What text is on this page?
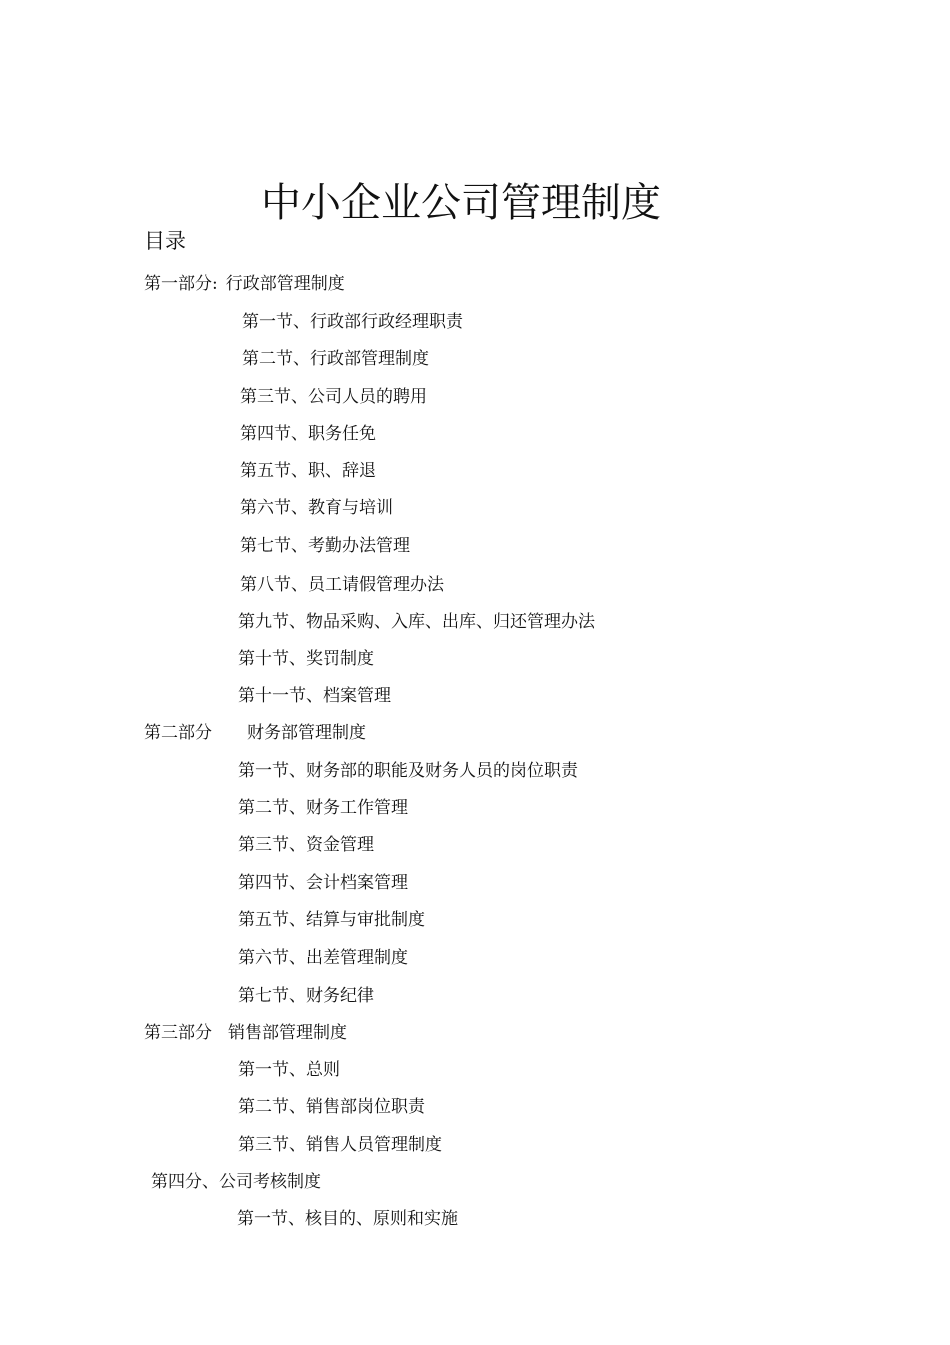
中小企业公司管理制度
目录
第一部分: 行政部管理制度
第一节、行政部行政经理职责
第二节、行政部管理制度
第三节、公司人员的聘用
第四节、职务任免
第五节、职、辞退
第六节、教育与培训
第七节、考勤办法管理
第八节、员工请假管理办法
第九节、物品采购、入库、出库、归还管理办法
第十节、奖罚制度
第十一节、档案管理
第二部分 财务部管理制度
第一节、财务部的职能及财务人员的岗位职责
第二节、财务工作管理
第三节、资金管理
第四节、会计档案管理
第五节、结算与审批制度
第六节、出差管理制度
第七节、财务纪律
第三部分 销售部管理制度
第一节、总则
第二节、销售部岗位职责
第三节、销售人员管理制度
第四分、公司考核制度
第一节、核目的、原则和实施
